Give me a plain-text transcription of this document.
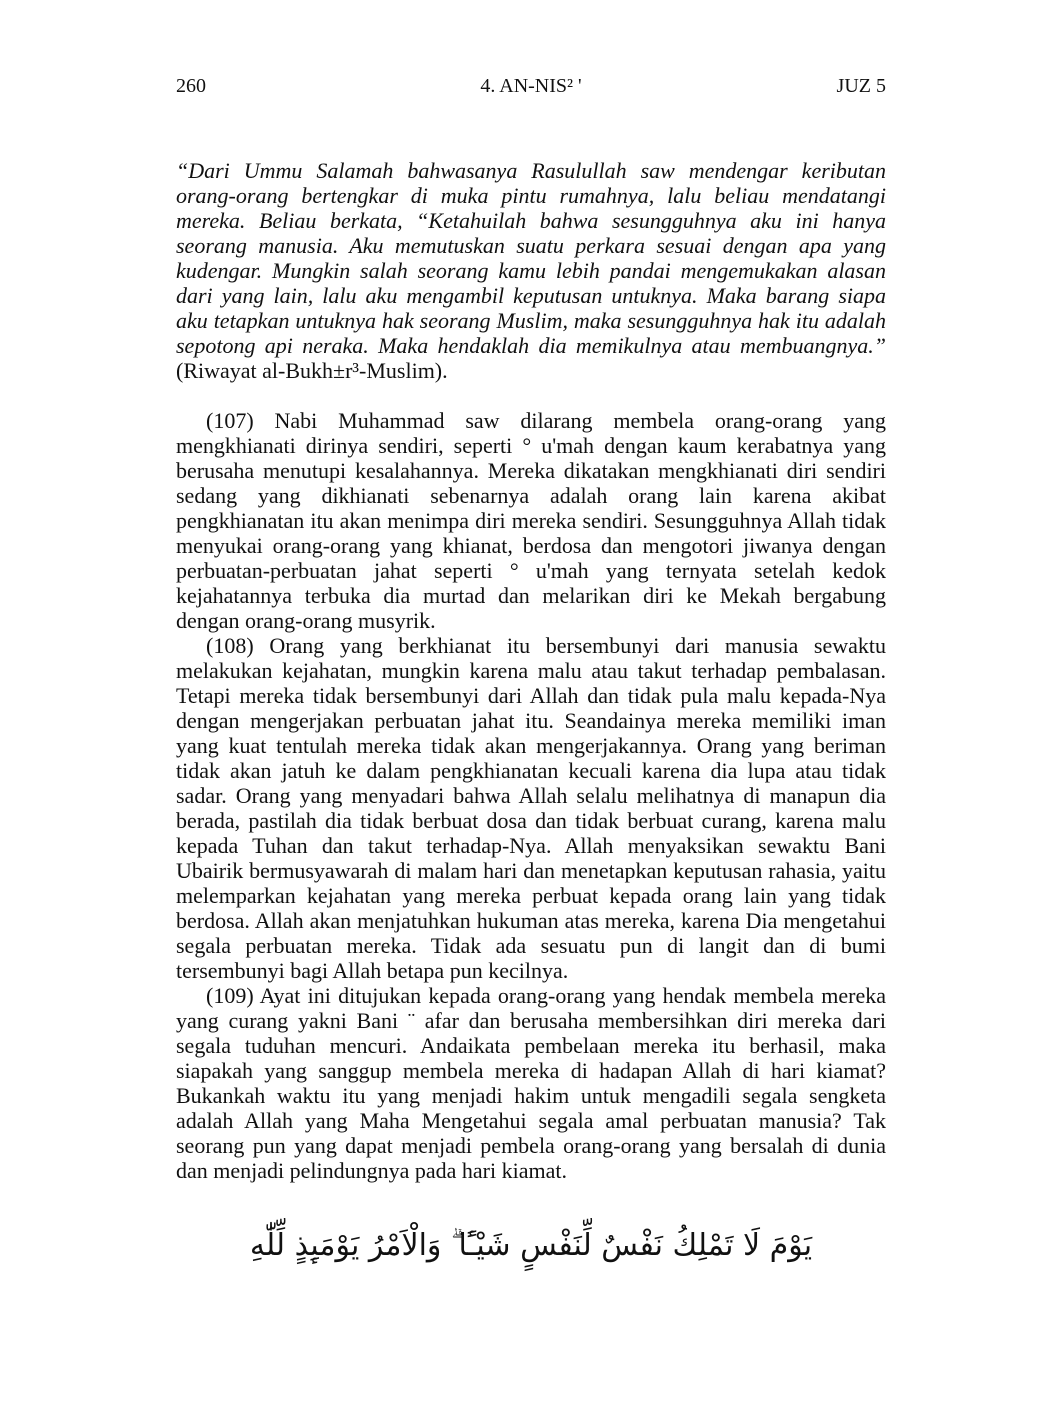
260	4. AN-NIS² '	JUZ 5

“Dari Ummu Salamah bahwasanya Rasulullah saw mendengar keributan orang-orang bertengkar di muka pintu rumahnya, lalu beliau mendatangi mereka. Beliau berkata, “Ketahuilah bahwa sesungguhnya aku ini hanya seorang manusia. Aku memutuskan suatu perkara sesuai dengan apa yang kudengar. Mungkin salah seorang kamu lebih pandai mengemukakan alasan dari yang lain, lalu aku mengambil keputusan untuknya. Maka barang siapa aku tetapkan untuknya hak seorang Muslim, maka sesungguhnya hak itu adalah sepotong api neraka. Maka hendaklah dia memikulnya atau membuangnya.” (Riwayat al-Bukh±r³-Muslim).

(107) Nabi Muhammad saw dilarang membela orang-orang yang mengkhianati dirinya sendiri, seperti ° u'mah dengan kaum kerabatnya yang berusaha menutupi kesalahannya. Mereka dikatakan mengkhianati diri sendiri sedang yang dikhianati sebenarnya adalah orang lain karena akibat pengkhianatan itu akan menimpa diri mereka sendiri. Sesungguhnya Allah tidak menyukai orang-orang yang khianat, berdosa dan mengotori jiwanya dengan perbuatan-perbuatan jahat seperti ° u'mah yang ternyata setelah kedok kejahatannya terbuka dia murtad dan melarikan diri ke Mekah bergabung dengan orang-orang musyrik.

(108) Orang yang berkhianat itu bersembunyi dari manusia sewaktu melakukan kejahatan, mungkin karena malu atau takut terhadap pembalasan. Tetapi mereka tidak bersembunyi dari Allah dan tidak pula malu kepada-Nya dengan mengerjakan perbuatan jahat itu. Seandainya mereka memiliki iman yang kuat tentulah mereka tidak akan mengerjakannya. Orang yang beriman tidak akan jatuh ke dalam pengkhianatan kecuali karena dia lupa atau tidak sadar. Orang yang menyadari bahwa Allah selalu melihatnya di manapun dia berada, pastilah dia tidak berbuat dosa dan tidak berbuat curang, karena malu kepada Tuhan dan takut terhadap-Nya. Allah menyaksikan sewaktu Bani Ubairik bermusyawarah di malam hari dan menetapkan keputusan rahasia, yaitu melemparkan kejahatan yang mereka perbuat kepada orang lain yang tidak berdosa. Allah akan menjatuhkan hukuman atas mereka, karena Dia mengetahui segala perbuatan mereka. Tidak ada sesuatu pun di langit dan di bumi tersembunyi bagi Allah betapa pun kecilnya.

(109) Ayat ini ditujukan kepada orang-orang yang hendak membela mereka yang curang yakni Bani ¨ afar dan berusaha membersihkan diri mereka dari segala tuduhan mencuri. Andaikata pembelaan mereka itu berhasil, maka siapakah yang sanggup membela mereka di hadapan Allah di hari kiamat? Bukankah waktu itu yang menjadi hakim untuk mengadili segala sengketa adalah Allah yang Maha Mengetahui segala amal perbuatan manusia? Tak seorang pun yang dapat menjadi pembela orang-orang yang bersalah di dunia dan menjadi pelindungnya pada hari kiamat.

يَوْمَ لَا تَمْلِكُ نَفْسٌ لِّنَفْسٍ شَيْـًٔا ۗ وَالْاَمْرُ يَوْمَىِٕذٍ لِّلّٰهِ
